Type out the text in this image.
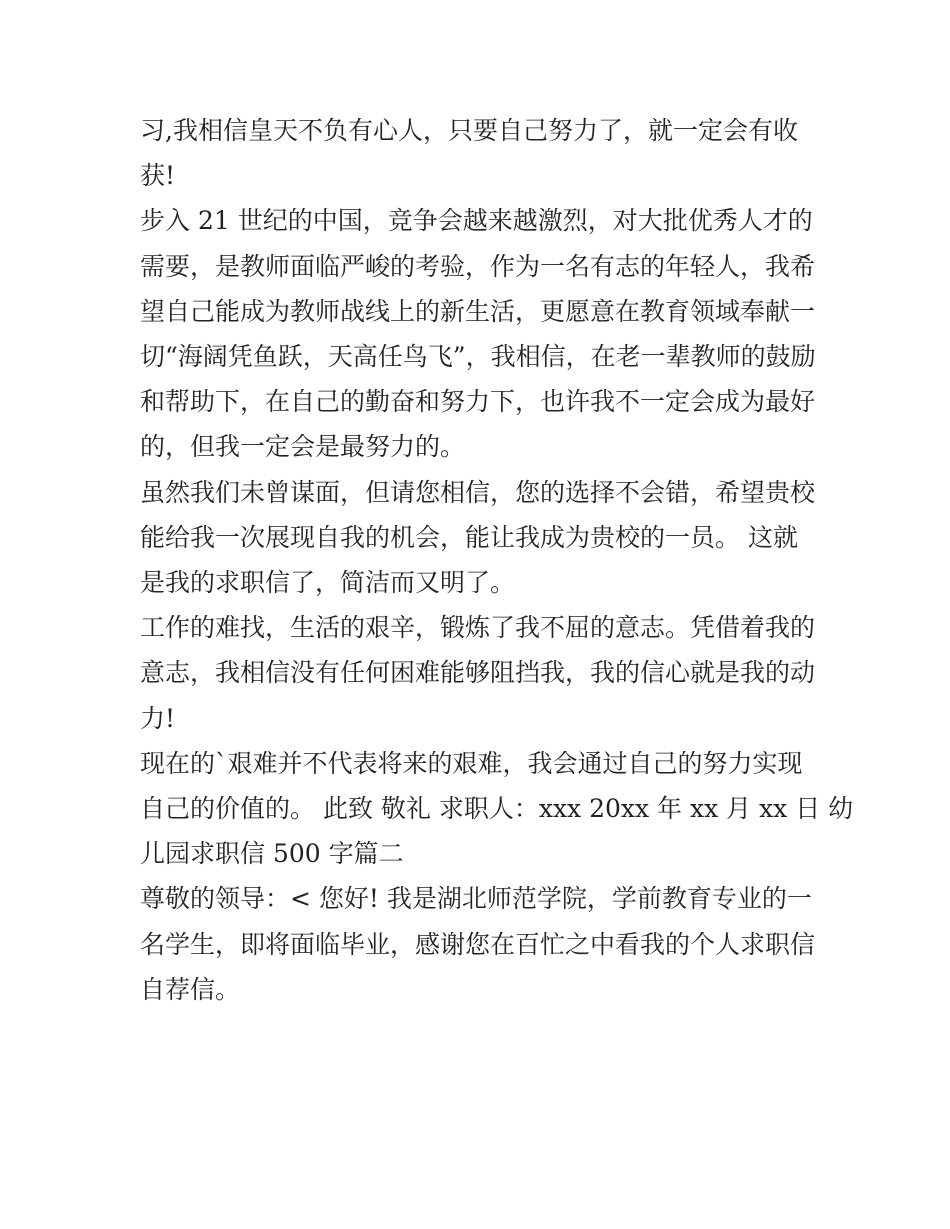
习,我相信皇天不负有心人，只要自己努力了，就一定会有收

获!

步入 21 世纪的中国，竞争会越来越激烈，对大批优秀人才的

需要，是教师面临严峻的考验，作为一名有志的年轻人，我希

望自己能成为教师战线上的新生活，更愿意在教育领域奉献一

切“海阔凭鱼跃，天高任鸟飞”，我相信，在老一辈教师的鼓励

和帮助下，在自己的勤奋和努力下，也许我不一定会成为最好

的，但我一定会是最努力的。

虽然我们未曾谋面，但请您相信，您的选择不会错，希望贵校

能给我一次展现自我的机会，能让我成为贵校的一员。 这就

是我的求职信了，简洁而又明了。

工作的难找，生活的艰辛，锻炼了我不屈的意志。凭借着我的

意志，我相信没有任何困难能够阻挡我，我的信心就是我的动

力!

现在的`艰难并不代表将来的艰难，我会通过自己的努力实现

自己的价值的。 此致 敬礼 求职人：xxx 20xx 年 xx 月 xx 日 幼

儿园求职信 500 字篇二

尊敬的领导：< 您好! 我是湖北师范学院，学前教育专业的一

名学生，即将面临毕业，感谢您在百忙之中看我的个人求职信

自荐信。
